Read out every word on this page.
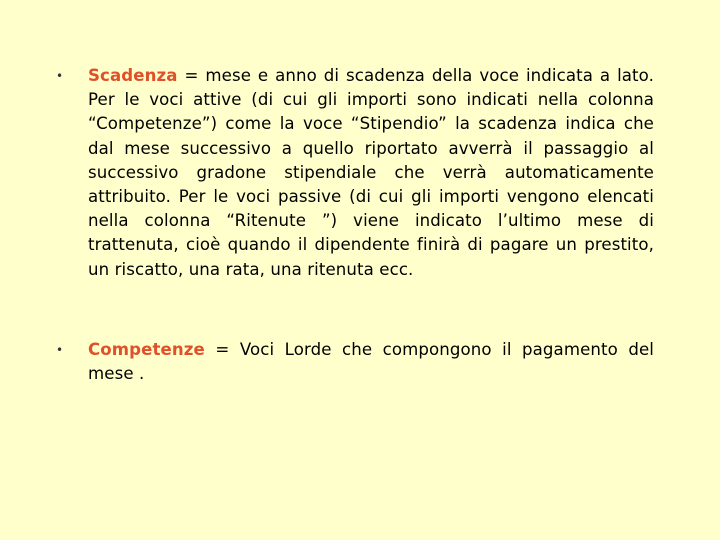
• Scadenza = mese e anno di scadenza della voce indicata a lato. Per le voci attive (di cui gli importi sono indicati nella colonna “Competenze”) come la voce “Stipendio” la scadenza indica che dal mese successivo a quello riportato avverrà il passaggio al successivo gradone stipendiale che verrà automaticamente attribuito. Per le voci passive (di cui gli importi vengono elencati nella colonna “Ritenute ”) viene indicato l’ultimo mese di trattenuta, cioè quando il dipendente finirà di pagare un prestito, un riscatto, una rata, una ritenuta ecc.
• Competenze = Voci Lorde che compongono il pagamento del mese .
